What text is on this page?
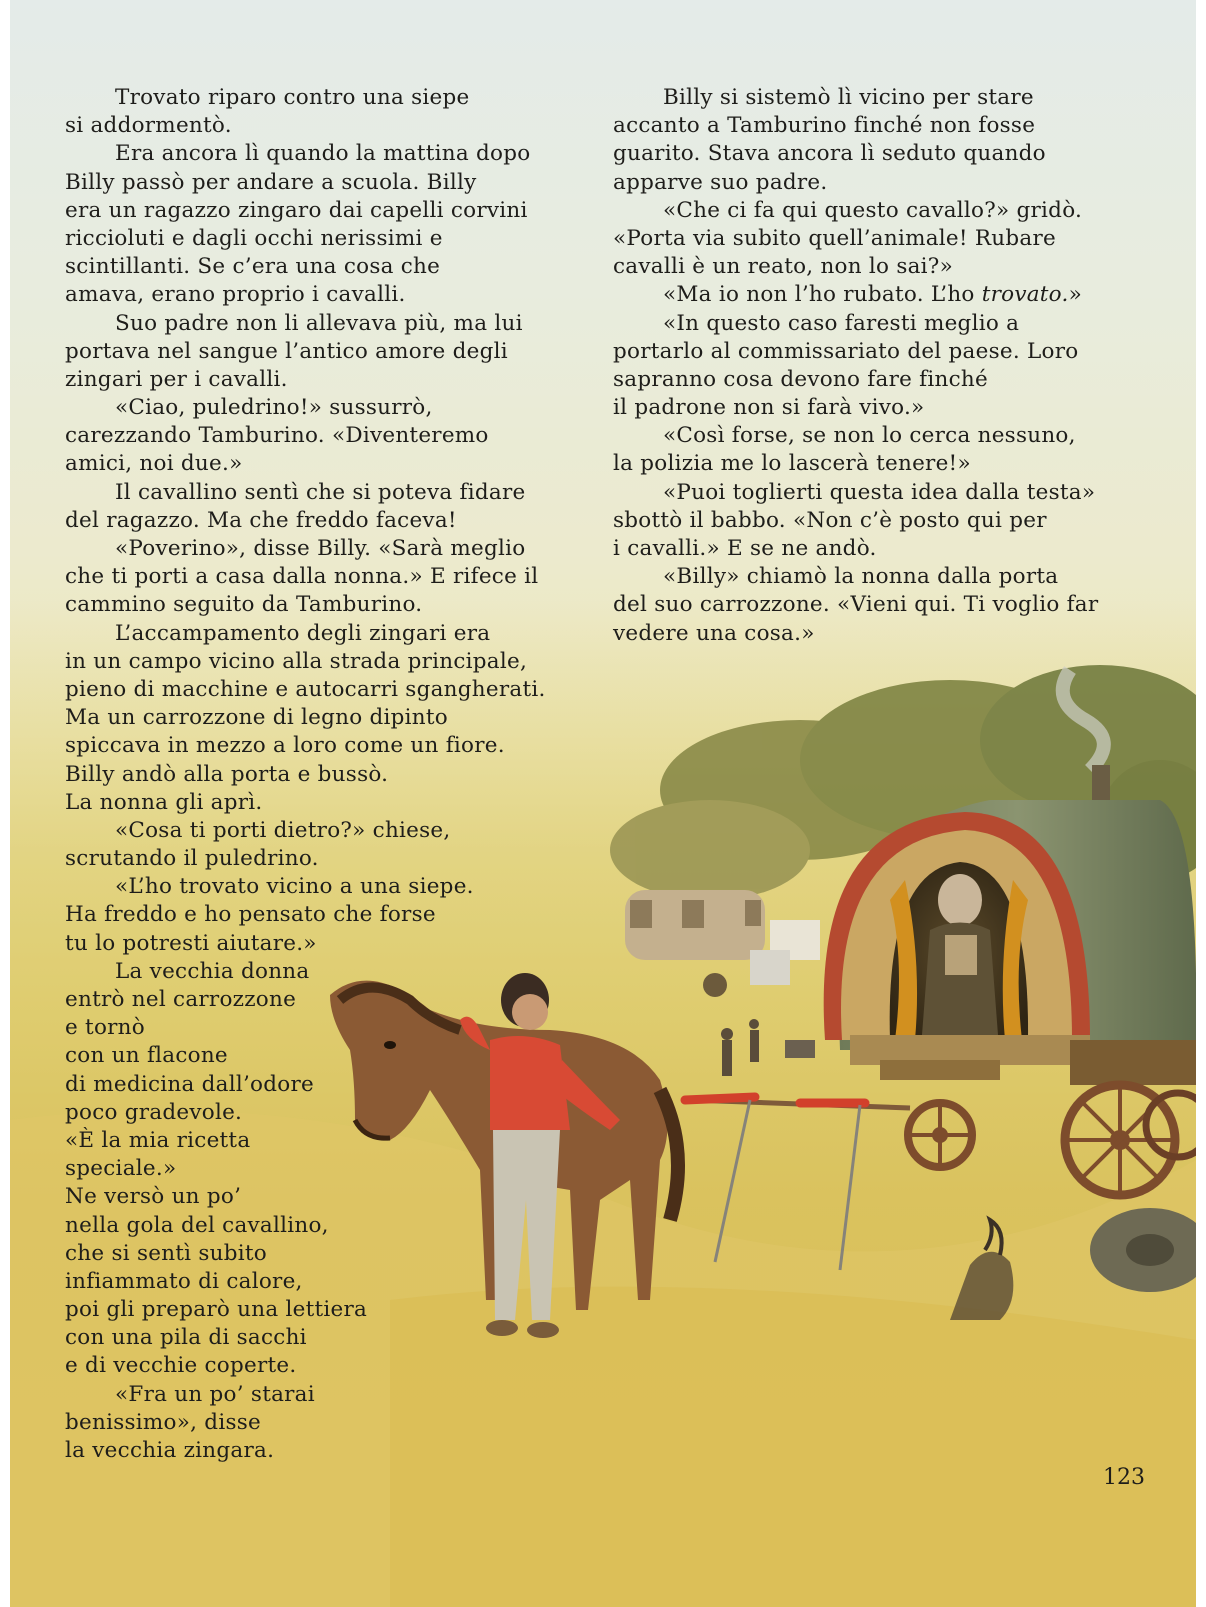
Trovato riparo contro una siepe
si addormentò.
Era ancora lì quando la mattina dopo
Billy passò per andare a scuola. Billy
era un ragazzo zingaro dai capelli corvini
riccioluti e dagli occhi nerissimi e
scintillanti. Se c’era una cosa che
amava, erano proprio i cavalli.
Suo padre non li allevava più, ma lui
portava nel sangue l’antico amore degli
zingari per i cavalli.
«Ciao, puledrino!» sussurrò,
carezzando Tamburino. «Diventeremo
amici, noi due.»
Il cavallino sentì che si poteva fidare
del ragazzo. Ma che freddo faceva!
«Poverino», disse Billy. «Sarà meglio
che ti porti a casa dalla nonna.» E rifece il
cammino seguito da Tamburino.
L’accampamento degli zingari era
in un campo vicino alla strada principale,
pieno di macchine e autocarri sgangherati.
Ma un carrozzone di legno dipinto
spiccava in mezzo a loro come un fiore.
Billy andò alla porta e bussò.
La nonna gli aprì.
«Cosa ti porti dietro?» chiese,
scrutando il puledrino.
«L’ho trovato vicino a una siepe.
Ha freddo e ho pensato che forse
tu lo potresti aiutare.»
La vecchia donna
entrò nel carrozzone
e tornò
con un flacone
di medicina dall’odore
poco gradevole.
«È la mia ricetta
speciale.»
Ne versò un po’
nella gola del cavallino,
che si sentì subito
infiammato di calore,
poi gli preparò una lettiera
con una pila di sacchi
e di vecchie coperte.
«Fra un po’ starai
benissimo», disse
la vecchia zingara.
Billy si sistemò lì vicino per stare
accanto a Tamburino finché non fosse
guarito. Stava ancora lì seduto quando
apparve suo padre.
«Che ci fa qui questo cavallo?» gridò.
«Porta via subito quell’animale! Rubare
cavalli è un reato, non lo sai?»
«Ma io non l’ho rubato. L’ho trovato.»
«In questo caso faresti meglio a
portarlo al commissariato del paese. Loro
sapranno cosa devono fare finché
il padrone non si farà vivo.»
«Così forse, se non lo cerca nessuno,
la polizia me lo lascerà tenere!»
«Puoi toglierti questa idea dalla testa»
sbottò il babbo. «Non c’è posto qui per
i cavalli.» E se ne andò.
«Billy» chiamò la nonna dalla porta
del suo carrozzone. «Vieni qui. Ti voglio far
vedere una cosa.»
123
